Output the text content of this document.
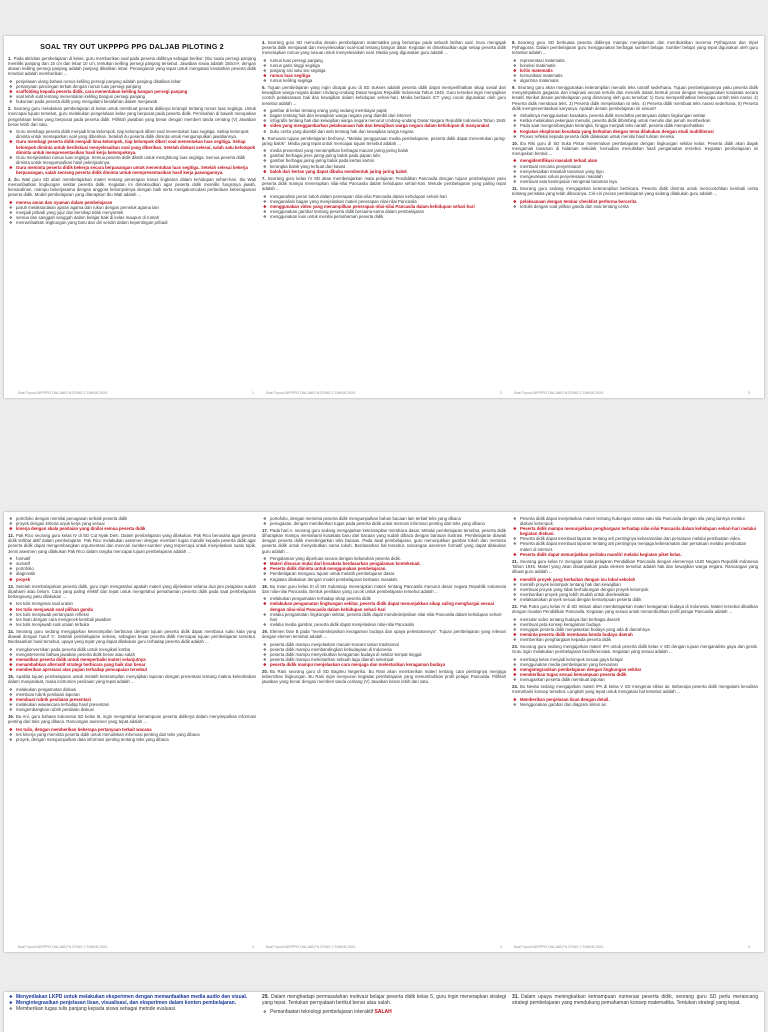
SOAL TRY OUT UKPPPG PPG DALJAB PILOTING 2
1. Pada aktivitas pembelajaran di kelas, guru memberikan soal pada peserta didiknya sebagai berikut: (Ibu suatu persegi panjang memiliki panjang dan 15 cm dan lebar 10 cm, tentukan keliling persegi panjang tersebut. Jawaban siswa adalah 150cm², dengan alasan keliling persegi panjang adalah panjang dikalikan lebar. Penanganan yang tepat untuk mengatasi kesalahan peserta didik tersebut adalah memberikan ...
❖ penjelasan ulang bahwa rumus keliling persegi panjang adalah panjang dikalikan lebar
❖ pertanyaan pancingan terkait dengan rumus luas persegi panjang
❖ scaffolding kepada peserta didik, cara menentukan keliling bangun persegi panjang
❖ soal lebih sulit tentang menentukan keliling bangun persegi panjang
❖ hukuman pada peserta didik yang mengalami kesalahan dalam menjawab
2. Seorang guru melakukan pembelajaran di kelas untuk membuat peserta didiknya terampil tentang rumus luas segitiga. Untuk mencapai tujuan tersebut, guru melakukan pengelolaan kelas yang berpusat pada peserta didik. Pemisahan di bawah merupakan pengelolaan kelas yang berpusat pada peserta didik. Pilihlah jawaban yang benar dengan memberi tanda centang (V) Jawaban benar lebih dari satu.
❖ Guru membagi peserta didik menjadi lima kelompok, tiap kelompok diberi soal menentukan luas segitiga. Setiap kelompok diminta untuk memaparkan soal yang diberikan. Setelah itu peserta didik diminta untuk mengumpulkan jawabannya.
❖ Guru membagi peserta didik menjadi lima kelompok, tiap kelompok diberi soal menentukan luas segitiga. Setiap kelompok diminta untuk berdiskusi menyelesaikan soal yang diberikan. Setelah diskusi selesai, salah satu kelompok diminta untuk mempresentasikan hasil kerja kelompoknya.
❖ Guru menjelaskan rumus luas segitiga. Semua peserta didik dilatih untuk menghitung luas segitiga. Semua peserta didik diminta untuk mengumpulkan hasil pekerjaannya.
❖ Guru meminta peserta didik bekerja secara berpasangan untuk menentukan luas segitiga. Setelah selesai bekerja berpasangan, salah seorang peserta didik diminta untuk mempresentasikan hasil kerja pasangannya.
3. Ibu Wati guru SD akan membelajarkan materi tentang penerapan kasus lingkaran dalam kehidupan sehari-hari. Ibu Wati memanfaatkan lingkungan sekitar peserta didik. Kegiatan ini dimaksudkan agar peserta didik memiliki fungsinya jawab, kemandirian, mampu bekerjasama dengan anggota kelompoknya dengan baik serta mengakomodasi perbedaan keberagaman peserta didik. Model pembelajaran yang diterapkan Ibu Wati adalah ...
❖ meresa aman dan nyaman dalam pembelajaran
❖ paruh melaksanakan ajaran agama dan rukun dengan pemeluk agama lain
❖ menjadi pribadi yang jujur dan bersikap tidak menyontek
❖ semua dan sanggah sanggah dalam belajar baik di kelas maupun di rumah
❖ memanfaatkan lingkungan yang baru dari diri sendiri dalam kepentingan pribadi
4. Seorang guru SD mencoba desain pembelajaran matematika yang bertumpu pada sebuah latihan soal. Guru mengajak peserta didik menjawab dan menyelesaikan soal-soal tentang bangun datar. Kegiatan ini dimaksudkan agar setiap peserta didik menerapkan rumus yang sesuai untuk menyelesaikan soal. Media yang digunakan guru adalah ...
❖ rumus luas persegi panjang
❖ rumus garis tinggi segitiga
❖ panjang sisi satu sisi segitiga
❖ rumus luas segitiga
❖ rumus keliling segitiga
5. Tujuan pembelajaran yang ingin dicapai guru di SD Sukses adalah peserta didik dapat memperlihatkan sikap sosial dan kewajiban warga negara dalam Undang-Undang Dasar Negara Republik Indonesia Tahun 1945. Guru tersebut ingin menyajikan contoh pelaksanaan hak dan kewajiban dalam kehidupan sehari-hari. Media berbasis ICT yang cocok digunakan oleh guru tersebut adalah ...
❖ gambar di kelas tentang orang yang sedang membayar pajak
❖ bagan tentang hak dan kewajiban warga negara yang diambil dari internet
❖ infografis tentang hak dan kewajiban warga negara menurut Undang-undang Dasar Negara Republik Indonesia Tahun 1945
❖ video yang menggambarkan pelaksanaan hak dan kewajiban warga negara dalam kehidupan di masyarakat
❖ buku cerita yang diambil dari web tentang hak dan kewajiban warga negara
6. Rumusan tujuan pembelajaran berbunyi, "Melalui penggunaan media pembelajaran, peserta didik dapat menentukan jaring-jaring balok". Media yang tepat untuk mencapai tujuan tersebut adalah ...
❖ media presentasi yang menampilkan berbagai macam jaring-jaring balok
❖ gambar berbagai jenis jaring-jaring balok pada papan tulis
❖ gambar berbagai jaring-jaring balok pada kertas karton
❖ kerangka balok yang terbuat dari kawat
❖ balok dari kertas yang dapat dibuka membentuk jaring-jaring balok
7. Seorang guru kelas IV SD akan membelajarkan mata pelajaran Pendidikan Pancasila dengan tujuan pembelajaran yaitu peserta didik mampu menerapkan nilai-nilai Pancasila dalam kehidupan sehari-hari. Metode pembelajaran yang paling tepat adalah ...
❖ menganalisis peran tokoh dalam penerapan nilai-nilai Pancasila dalam kehidupan sehari-hari
❖ menganalisis bagan yang menjelaskan materi penerapan nilai-nilai Pancasila
❖ menggunakan video yang menampilkan penerapan nilai-nilai Pancasila dalam kehidupan sehari-hari
❖ menggunakan gambar tentang peserta didik bersama-sama dalam pembelajaran
❖ menggunakan kuis untuk menilai pemahaman peserta didik
8. Seorang guru SD berkuasa peserta didiknya mampu menjelaskan dan membuktikan teorema Pythagoras dan tripel Pythagoras. Dalam pembelajaran guru menggunakan berbagai sumber belajar. Sumber belajar yang tepat digunakan oleh guru tersebut adalah ...
❖ representasi matematis
❖ koneksi matematis
❖ kritis matematis
❖ komunikasi matematis
❖ algoritma matematis
9. Seorang guru akan menggunakan keterampilan menulis teks naratif sederhana. Tujuan pembelajarannya yaitu peserta didik menyampaikan gagasan dan imajinasi secara tertulis dan menarik dalam bentuk prosa dengan menggunakan kosakata secara kreatif. Berikut desain pembelajaran yang dirancang oleh guru tersebut: 1) Guru memperlihatkan beberapa contoh teks narasi. 2) Peserta didik membaca teks. 3) Peserta didik menjelaskan isi teks. 4) Peserta didik membuat teks narasi sederhana. 5) Peserta didik mempresentasikan karyanya. Apakah desain pembelajaran ini sesuai?
❖ Sebaiknya menggunakan kosakata, peserta didik mendaftar pertanyaan dalam lingkungan sekitar
❖ Ketika melakukan pekerjaan menulis, peserta didik dibimbing untuk menulis dan penuh memberikan
❖ Pada saat mengembangkan kerangka, hingga menjadi teks naratif, peserta didik memperhatikan
❖ Kegiatan eksplorasi kosakata yang berkaitan dengan tema dilakukan dengan studi multiliterasi
❖ Proses refleksi kepada peserta didik dilakukan untuk menilai hasil tulisan mereka
10. Ibu Riki guru di SD Suka Pintar menemukan pembelajaran dengan lingkungan sekitar kelas. Peserta didik akan diajak mengamati tanaman di halaman sekolah, kemudian menuliskan hasil pengamatan tersebut. Kegiatan pembelajaran ini merupakan bentuk ...
❖ mengidentifikasi masalah terkait alam
❖ membuat rencana penyelesaian
❖ menyelesaikan masalah tanaman yang layu
❖ mengevaluasi solusi penyelesaian masalah
❖ membuat satu kesimpulan mengenai tanaman layu
11. Seorang guru sedang mengajarkan keterampilan berbicara. Peserta didik diminta untuk mencontohkan kembali cerita tentang peristiwa yang telah dibacanya. Ciri-ciri proses pembelajaran yang sedang dilakukan guru adalah ...
❖ pelaksanaan dengan tembar checklist performa bercerita
❖ tertulis dengan soal pilihan ganda dan esai tentang cerita
Soal Tryout UKPPPG DALJAB PILOTING 2 TAHUN 2024	1	Soal Tryout UKPPPG DALJAB PILOTING 2 TAHUN 2024	2	Soal Tryout UKPPPG DALJAB PILOTING 2 TAHUN 2024	3
❖ portofolio dengan memilai penugasan terbaik peserta didik
❖ proyek dengan kriteria unjuk kerja yang sesuai
❖ kinerja dengan skala penilaian yang dinilai semua peserta didik
12. Pak Rico seorang guru kelas IV di SD Cut Nyak Dien. Dalam pembelajaran yang dilakukan, Pak Rico berusaha agar peserta didik terlibat aktif dalam pembelajaran. Pak Rico melakukan asesmen dengan memberi tugas mandiri kepada peserta didik agar peserta didik dapat mengembangkan argumentasi dan mencari sumber-sumber yang terpercaya untuk menjelaskan suatu topik. Jenis asesmen yang dilakukan Pak Rico dalam rangka mencapai tujuan pembelajaran adalah ...
❖ formatif
❖ sumatif
❖ portofolio
❖ diagnostik
❖ proyek
13. Setelah membelajarkan peserta didik, guru ingin mengetahui apakah materi yang dijelaskan selama dua jam pelajaran sudah dipahami atau belum. Cara yang paling efektif dan tepat untuk mengetahui pemahaman peserta didik pada saat pembelajaran berlangsung yaitu dilakukan ...
❖ tes tulis mengenai soal uraian
❖ tes tulis menjawab soal pilihan ganda
❖ tes tulis menjawab pertanyaan refleksi
❖ tes lisan dengan cara mengecek kembali jawaban
❖ tes tulis menjawab soal uraian terbuka
14. Seorang guru sedang mengajarkan keterampilan berbicara dengan tujuan peserta didik dapat membaca suku kata yang diawali dengan huruf 's'. Setelah pembelajaran selesai, sebagian besar peserta didik mencapai tujuan pembelajaran tersebut. Berdasarkan hasil tersebut, upaya yang tepat yang dapat dilakukan guru terhadap peserta didik adalah ...
❖ mengkonversikan pada peserta didik untuk mengikuti lomba
❖ mengintervensi bahwa jawaban peserta didik benar atau salah
❖ mematikan peserta didik untuk memperbaiki materi selanjutnya
❖ menambahkan alternatif strategi berbicara yang baik dan benar
❖ memberikan apresiasi atas pujian terhadap pencapaian tersebut
15. Apabila tujuan pembelajaran untuk melatih keterampilan menyajikan laporan dengan presentasi tentang makna kelembaban dalam masyarakat, maka instrumen penilaian yang tepat adalah ...
❖ melakukan pengamatan diskusi
❖ membuat rubrik penilaian laporan
❖ membuat rubrik penilaian presentasi
❖ melakukan wawancara terhadap hasil presentasi
❖ mengembangkan rubrik penilaian diskusi
16. Bu Ani, guru bahasa Indonesia SD kelas III, ingin mengetahui kemampuan peserta didiknya dalam menyimpulkan informasi penting dari teks yang dibaca. Rancangan asesmen yang tepat adalah ...
❖ tes tulis, dengan memberikan beberapa pertanyaan terkait wacana
❖ tes kinerja yang meminta peserta didik untuk menuliskan informasi penting dari teks yang dibaca
❖ proyek, dengan mengumpulkan data informasi penting tentang teks yang dibaca
❖ portofolio, dengan meminta peserta didik mengumpulkan bahan bacaan lain terkait teks yang dibaca
❖ penugasan, dengan memberikan tugas pada peserta didik untuk mencari informasi penting dari teks yang dibaca
17. Pada hari A, seorang guru sedang mengajarkan keterampilan membaca dasar. Melalui pembelajaran tersebut, peserta didik diharapkan mampu memahami kosakata baru dari bacaan yang sudah dibaca dengan bantuan ilustrasi. Pembelajaran diawali dengan peserta didik mendengarkan teks bacaan. Pada awal pembelajaran, guru menunjukkan gambar tokoh dan meminta peserta didik untuk menyebutkan nama tokoh. Berdasarkan hal tersebut, rancangan asesmen formatif yang dapat dilakukan guru adalah ...
❖ Pengalaman yang diperluas secara dengan kebutuhan peserta didik.
❖ Materi disusun mulai dari kosakata berdasarkan pengalaman kontekstual.
❖ Peserta didik diminta untuk menggunakan pembelajaran.
❖ Pembelajaran mengacu tujuan untuk melatih pembelajaran dasar.
❖ Kegiatan dilakukan dengan model pembelajaran berbasis masalah.
18. Bu Intan guru kelas III di SD Sukamaju menerapkan materi tentang Pancasila menurut dasar negara Republik Indonesia dan nilai-nilai Pancasila. Bentuk penilaian yang cocok untuk pembelajaran tersebut adalah ...
❖ melakukan pengamatan terhadap sikap peserta didik
❖ melakukan pengamatan lingkungan sekitar, peserta didik dapat menunjukkan sikap saling menghargai sesuai dengan nilai-nilai Pancasila dalam kehidupan sehari-hari
❖ melalui pengamatan lingkungan sekitar, peserta didik dapat mendeskripsikan nilai-nilai Pancasila dalam kehidupan sehari-hari
❖ melalui media gambar, peserta didik dapat menjelaskan nilai-nilai Pancasila
19. Elemen fase B pada "mendeskripsikan keragaman budaya dan upaya pelestariannya". Tujuan pembelajaran yang relevan dengan elemen tersebut adalah ...
❖ peserta didik mampu menjelaskan macam-macam tarian tradisional
❖ peserta didik mampu membandingkan kebudayaan di Indonesia
❖ peserta didik mampu menyebutkan keragaman budaya di sekitar tempat tinggal
❖ peserta didik mampu melestarikan sebuah lagu daerah setempat
❖ peserta didik mampu menjelaskan cara menjaga dan melestarikan keragaman budaya
20. Bu Rani seorang guru di SD Bagimu Negeriku. Bu Rani akan memberikan materi tentang cara pentingnya menjaga kebersihan lingkungan. Bu Rani ingin menyusun kegiatan pembelajaran yang menumbuhkan profil pelajar Pancasila. Pilihlah jawaban yang benar dengan memberi tanda centang (V) Jawaban benar lebih dari satu.
❖ Peserta didik dapat menjelaskan materi tentang hubungan antara satu sila Pancasila dengan sila yang lainnya melalui diskusi kelompok.
❖ Peserta didik mampu menunjukkan penghargaan terhadap nilai-nilai Pancasila dalam kehidupan sehari-hari melalui kegiatan diskusi.
❖ Peserta didik dapat membuat laporan tentang arti pentingnya keberamalan dan persatuan melalui pembuatan video.
❖ Peserta didik dapat membuat laporan tentang arti pentingnya menjaga keberamalan dan persatuan melalui pembuatan materi di internet.
❖ Peserta didik dapat menunjukkan perilaku mandiri melalui kegiatan piket kelas.
21. Seorang guru kelas IV mengajar mata pelajaran Pendidikan Pancasila dengan elemennya UUD Negara Republik Indonesia Tahun 1945. Materi yang akan disampaikan pada elemen tersebut adalah hak dan kewajiban warga negara. Rancangan yang dibuat guru adalah ...
❖ memilih proyek yang berkaitan dengan isu lokal sekolah
❖ memilih proyek kelompok tentang hak dan kewajiban
❖ membuat proyek yang tidak berhubungan dengan proyek kelompok
❖ memberikan proyek yang lebih mudah untuk diselesaikan
❖ melaksanakan proyek sesuai dengan kemampuan peserta didik
22. Pak Putra guru kelas IV di SD Intisari akan membelajarkan materi keragaman budaya di Indonesia. Materi tersebut dikaitkan dengan muatan Pendidikan Pancasila. Kegiatan yang sesuai untuk menumbuhkan profil pelajar Pancasila adalah ...
❖ memutar video tentang budaya dari berbagai daerah
❖ membuat peta konsep keragaman budaya
❖ mengajak peserta didik menjelaskan budaya yang ada di daerahnya
❖ meminta peserta didik membawa benda budaya daerah
❖ memberikan penghargaan kepada peserta didik
23. Seorang guru sedang mengajarkan materi IPA untuk peserta didik kelas V SD dengan tujuan menganalisis gaya dan gerak. Guru ingin melakukan pembelajaran berdiferensiasi. Kegiatan yang sesuai adalah ...
❖ membagi kelas menjadi kelompok sesuai gaya belajar
❖ menggunakan media pembelajaran yang bervariasi
❖ mengintegrasikan pembelajaran dengan lingkungan sekitar
❖ memberikan tugas sesuai kemampuan peserta didik
❖ menugaskan peserta didik membuat laporan
24. Bu Nevita sedang mengajarkan materi IPA di kelas V SD mengenai siklus air. Beberapa peserta didik mengalami kesulitan memahami konsep tersebut. Langkah yang tepat untuk mengatasi hal tersebut adalah ...
❖ Memberikan penjelasan lisan dengan detail.
❖ Menggunakan gambar dan diagram siklus air.
Soal Tryout UKPPPG DALJAB PILOTING 2 TAHUN 2024	1	Soal Tryout UKPPPG DALJAB PILOTING 2 TAHUN 2024	2	Soal Tryout UKPPPG DALJAB PILOTING 2 TAHUN 2024	3
❖ Menyediakan LKPD untuk melakukan eksperimen dengan memanfaatkan media audio dan visual.
❖ Mengintegrasikan penjelasan lisan, visualisasi, dan eksperimen dalam konten pembelajaran.
❖ Memberikan tugas tulis panjang kepada siswa sebagai metode evaluasi.
29. Dalam menghadapi permasalahan motivasi belajar peserta didik kelas 5, guru ingin menerapkan strategi yang tepat. Tentukan pernyataan berikut benar atau salah.
❖ Pemanfaatan teknologi pembelajaran interaktif SALAH
31. Dalam upaya meningkatkan kemampuan numerasi peserta didik, seorang guru SD perlu merancang strategi pembelajaran yang mendukung pemahaman konsep matematika. Tentukan strategi yang tepat.
